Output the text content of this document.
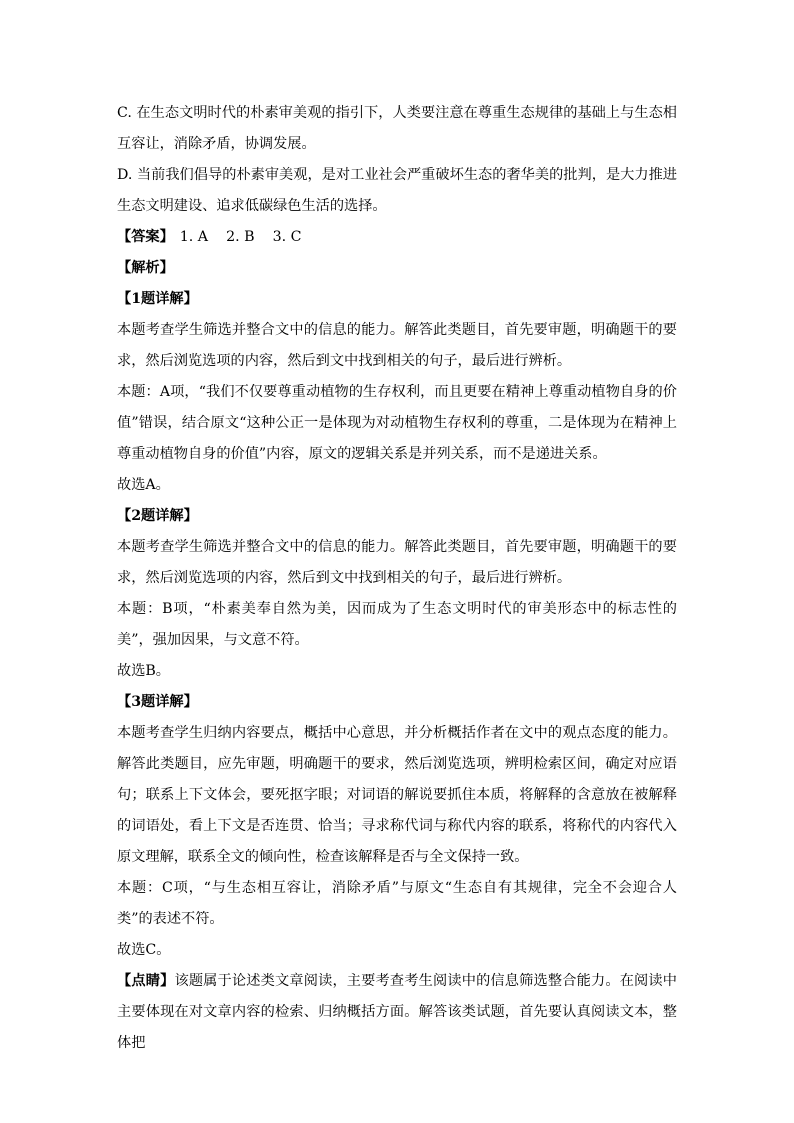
C. 在生态文明时代的朴素审美观的指引下，人类要注意在尊重生态规律的基础上与生态相互容让，消除矛盾，协调发展。

D. 当前我们倡导的朴素审美观，是对工业社会严重破坏生态的奢华美的批判，是大力推进生态文明建设、追求低碳绿色生活的选择。

【答案】 1. A    2. B    3. C

【解析】

【1题详解】

本题考查学生筛选并整合文中的信息的能力。解答此类题目，首先要审题，明确题干的要求，然后浏览选项的内容，然后到文中找到相关的句子，最后进行辨析。

本题：A项，“我们不仅要尊重动植物的生存权利，而且更要在精神上尊重动植物自身的价值”错误，结合原文“这种公正一是体现为对动植物生存权利的尊重，二是体现为在精神上尊重动植物自身的价值”内容，原文的逻辑关系是并列关系，而不是递进关系。

故选A。

【2题详解】

本题考查学生筛选并整合文中的信息的能力。解答此类题目，首先要审题，明确题干的要求，然后浏览选项的内容，然后到文中找到相关的句子，最后进行辨析。

本题：B项，“朴素美奉自然为美，因而成为了生态文明时代的审美形态中的标志性的美”，强加因果，与文意不符。

故选B。

【3题详解】

本题考查学生归纳内容要点，概括中心意思，并分析概括作者在文中的观点态度的能力。解答此类题目，应先审题，明确题干的要求，然后浏览选项，辨明检索区间，确定对应语句；联系上下文体会，要死抠字眼；对词语的解说要抓住本质，将解释的含意放在被解释的词语处，看上下文是否连贯、恰当；寻求称代词与称代内容的联系，将称代的内容代入原文理解，联系全文的倾向性，检查该解释是否与全文保持一致。

本题：C项，“与生态相互容让，消除矛盾”与原文“生态自有其规律，完全不会迎合人类”的表述不符。

故选C。

【点睛】该题属于论述类文章阅读，主要考查考生阅读中的信息筛选整合能力。在阅读中主要体现在对文章内容的检索、归纳概括方面。解答该类试题，首先要认真阅读文本，整体把
